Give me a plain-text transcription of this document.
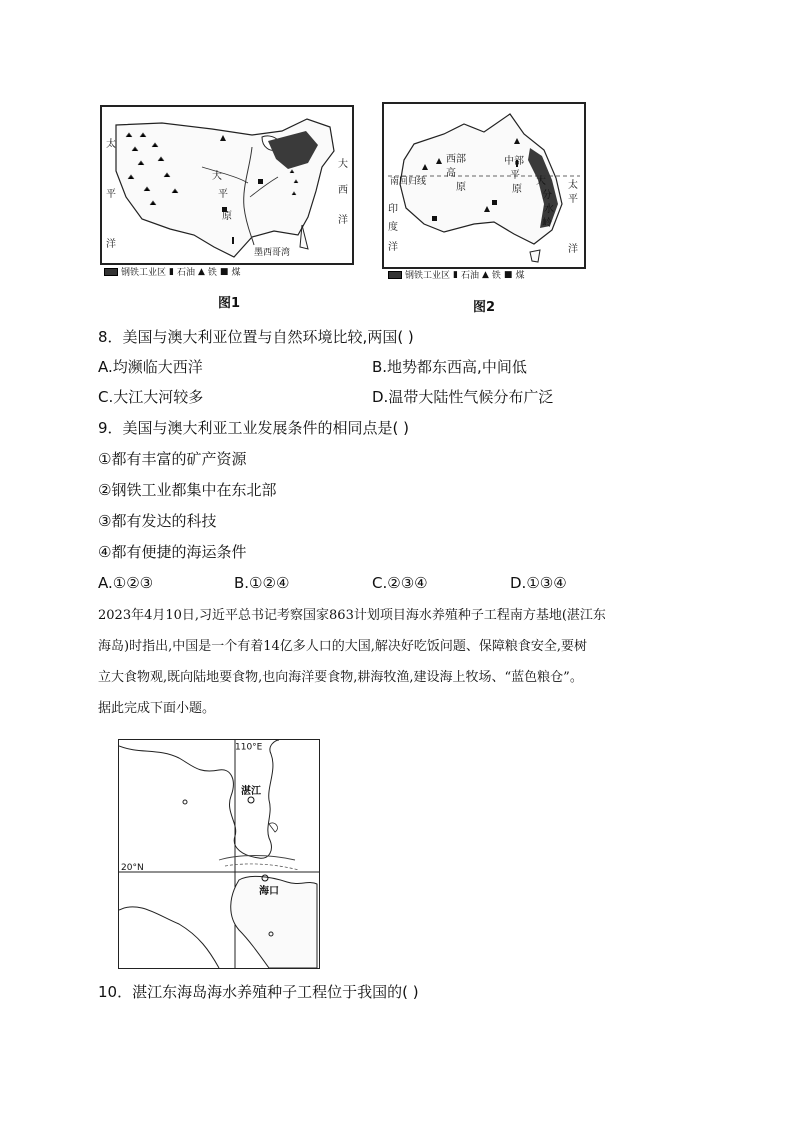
太
平
洋
大
西
洋
大
平
原
墨西哥湾
钢铁工业区 ▮ 石油 ▲ 铁 ■ 煤
图1
南回归线
西 部
高
原
中 部
平
原
大
分
水
岭
太
平
洋
印
度
洋
钢铁工业区 ▮ 石油 ▲ 铁 ■ 煤
图2
8．美国与澳大利亚位置与自然环境比较,两国( )
A.均濒临大西洋	B.地势都东西高,中间低
C.大江大河较多	D.温带大陆性气候分布广泛
9．美国与澳大利亚工业发展条件的相同点是( )
①都有丰富的矿产资源
②钢铁工业都集中在东北部
③都有发达的科技
④都有便捷的海运条件
A.①②③	B.①②④	C.②③④	D.①③④
2023年4月10日,习近平总书记考察国家863计划项目海水养殖种子工程南方基地(湛江东
海岛)时指出,中国是一个有着14亿多人口的大国,解决好吃饭问题、保障粮食安全,要树
立大食物观,既向陆地要食物,也向海洋要食物,耕海牧渔,建设海上牧场、“蓝色粮仓”。
据此完成下面小题。
110°E
20°N
湛江
海口
10．湛江东海岛海水养殖种子工程位于我国的( )
